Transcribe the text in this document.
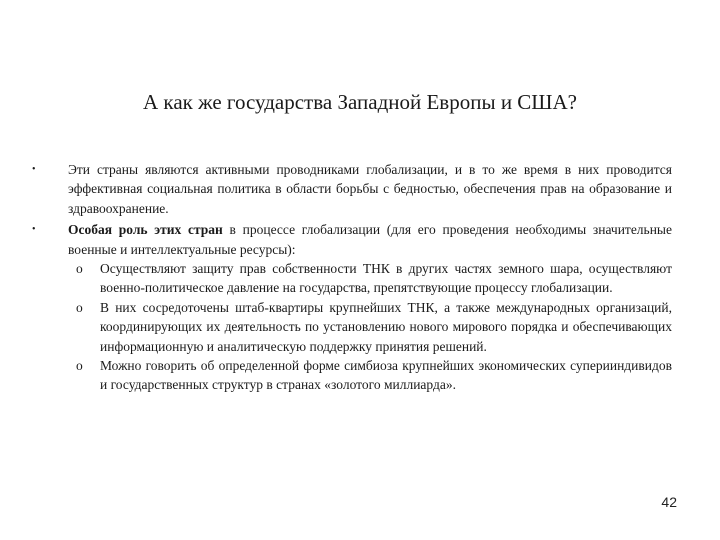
А как же государства Западной Европы и США?
•	Эти страны являются активными проводниками глобализации, и в то же время в них проводится эффективная социальная политика в области борьбы с бедностью, обеспечения прав на образование и здравоохранение.
•	Особая роль этих стран в процессе глобализации (для его проведения необходимы значительные военные и интеллектуальные ресурсы):
o	Осуществляют защиту прав собственности ТНК в других частях земного шара, осуществляют военно-политическое давление на государства, препятствующие процессу глобализации.
o	В них сосредоточены штаб-квартиры крупнейших ТНК, а также международных организаций, координирующих их деятельность по установлению нового мирового порядка и обеспечивающих информационную и аналитическую поддержку принятия решений.
o	Можно говорить об определенной форме симбиоза крупнейших экономических суперииндивидов и государственных структур в странах «золотого миллиарда».
42
